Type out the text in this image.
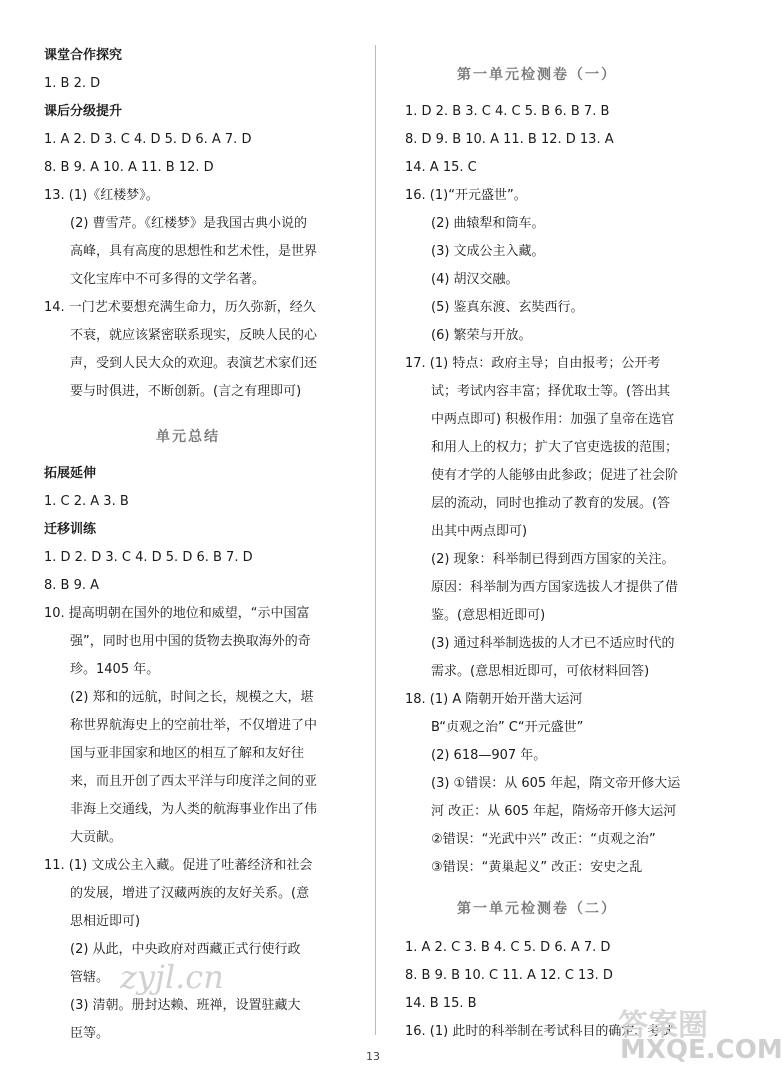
课堂合作探究
1. B 2. D
课后分级提升
1. A 2. D 3. C 4. D 5. D 6. A 7. D
8. B 9. A 10. A 11. B 12. D
13. (1)《红楼梦》。
(2) 曹雪芹。《红楼梦》是我国古典小说的
高峰，具有高度的思想性和艺术性，是世界
文化宝库中不可多得的文学名著。
14. 一门艺术要想充满生命力，历久弥新，经久
不衰，就应该紧密联系现实，反映人民的心
声，受到人民大众的欢迎。表演艺术家们还
要与时俱进，不断创新。(言之有理即可)
单元总结
拓展延伸
1. C 2. A 3. B
迁移训练
1. D 2. D 3. C 4. D 5. D 6. B 7. D
8. B 9. A
10. 提高明朝在国外的地位和威望，“示中国富
强”，同时也用中国的货物去换取海外的奇
珍。1405 年。
(2) 郑和的远航，时间之长，规模之大，堪
称世界航海史上的空前壮举，不仅增进了中
国与亚非国家和地区的相互了解和友好往
来，而且开创了西太平洋与印度洋之间的亚
非海上交通线，为人类的航海事业作出了伟
大贡献。
11. (1) 文成公主入藏。促进了吐蕃经济和社会
的发展，增进了汉藏两族的友好关系。(意
思相近即可)
(2) 从此，中央政府对西藏正式行使行政
管辖。
(3) 清朝。册封达赖、班禅，设置驻藏大
臣等。
第一单元检测卷（一）
1. D 2. B 3. C 4. C 5. B 6. B 7. B
8. D 9. B 10. A 11. B 12. D 13. A
14. A 15. C
16. (1)“开元盛世”。
(2) 曲辕犁和筒车。
(3) 文成公主入藏。
(4) 胡汉交融。
(5) 鉴真东渡、玄奘西行。
(6) 繁荣与开放。
17. (1) 特点：政府主导；自由报考；公开考
试；考试内容丰富；择优取士等。(答出其
中两点即可) 积极作用：加强了皇帝在选官
和用人上的权力；扩大了官吏选拔的范围；
使有才学的人能够由此参政；促进了社会阶
层的流动，同时也推动了教育的发展。(答
出其中两点即可)
(2) 现象：科举制已得到西方国家的关注。
原因：科举制为西方国家选拔人才提供了借
鉴。(意思相近即可)
(3) 通过科举制选拔的人才已不适应时代的
需求。(意思相近即可，可依材料回答)
18. (1) A 隋朝开始开凿大运河
B“贞观之治” C“开元盛世”
(2) 618—907 年。
(3) ①错误：从 605 年起，隋文帝开修大运
河 改正：从 605 年起，隋炀帝开修大运河
②错误：“光武中兴” 改正：“贞观之治”
③错误：“黄巢起义” 改正：安史之乱
第一单元检测卷（二）
1. A 2. C 3. B 4. C 5. D 6. A 7. D
8. B 9. B 10. C 11. A 12. C 13. D
14. B 15. B
16. (1) 此时的科举制在考试科目的确定、考试
13
zyjl.cn
答案圈
MXQE.COM
